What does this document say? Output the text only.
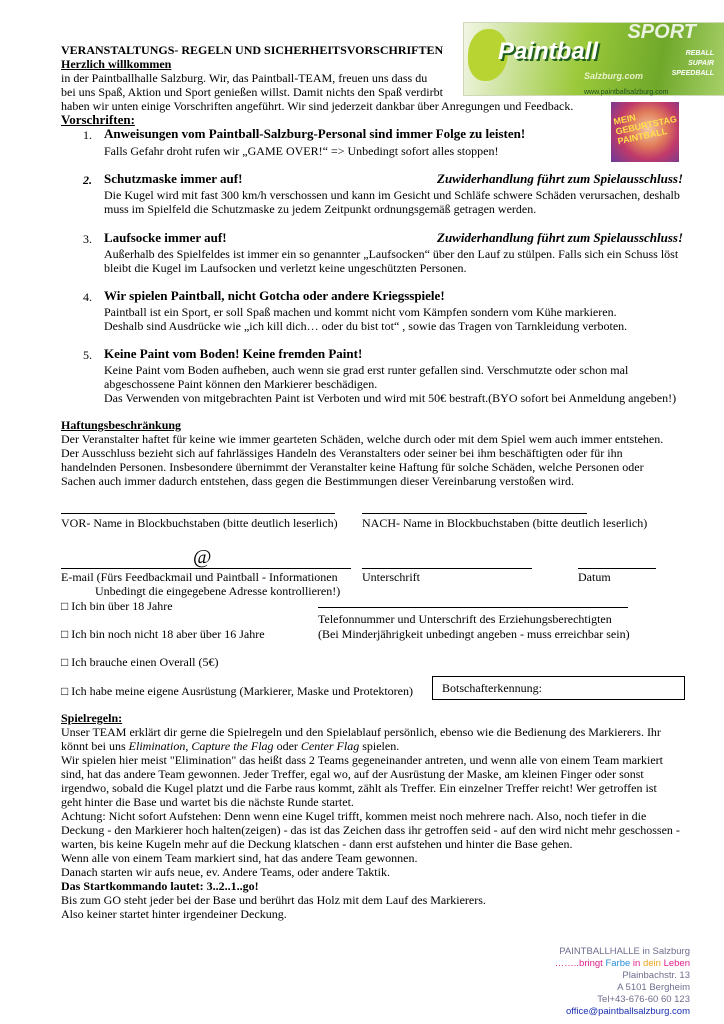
SPORT
Paintball
Salzburg.com
REBALL
SUPAIR
SPEEDBALL
www.paintballsalzburg.com
MEIN GEBURTSTAG PAINTBALL
VERANSTALTUNGS- REGELN UND SICHERHEITSVORSCHRIFTEN
Herzlich willkommen
in der Paintballhalle Salzburg. Wir, das Paintball-TEAM, freuen uns dass du
bei uns Spaß, Aktion und Sport genießen willst. Damit nichts den Spaß verdirbt
haben wir unten einige Vorschriften angeführt. Wir sind jederzeit dankbar über Anregungen und Feedback.
Vorschriften:
1. Anweisungen vom Paintball-Salzburg-Personal sind immer Folge zu leisten!
Falls Gefahr droht rufen wir „GAME OVER!“ => Unbedingt sofort alles stoppen!
2. Schutzmaske immer auf!	Zuwiderhandlung führt zum Spielausschluss!
Die Kugel wird mit fast 300 km/h verschossen und kann im Gesicht und Schläfe schwere Schäden verursachen, deshalb
muss im Spielfeld die Schutzmaske zu jedem Zeitpunkt ordnungsgemäß getragen werden.
3. Laufsocke immer auf!	Zuwiderhandlung führt zum Spielausschluss!
Außerhalb des Spielfeldes ist immer ein so genannter „Laufsocken“ über den Lauf zu stülpen. Falls sich ein Schuss löst
bleibt die Kugel im Laufsocken und verletzt keine ungeschützten Personen.
4. Wir spielen Paintball, nicht Gotcha oder andere Kriegsspiele!
Paintball ist ein Sport, er soll Spaß machen und kommt nicht vom Kämpfen sondern vom Kühe markieren.
Deshalb sind Ausdrücke wie „ich kill dich… oder du bist tot“ , sowie das Tragen von Tarnkleidung verboten.
5. Keine Paint vom Boden! Keine fremden Paint!
Keine Paint vom Boden aufheben, auch wenn sie grad erst runter gefallen sind. Verschmutzte oder schon mal
abgeschossene Paint können den Markierer beschädigen.
Das Verwenden von mitgebrachten Paint ist Verboten und wird mit 50€ bestraft.(BYO sofort bei Anmeldung angeben!)
Haftungsbeschränkung
Der Veranstalter haftet für keine wie immer gearteten Schäden, welche durch oder mit dem Spiel wem auch immer entstehen.
Der Ausschluss bezieht sich auf fahrlässiges Handeln des Veranstalters oder seiner bei ihm beschäftigten oder für ihn
handelnden Personen. Insbesondere übernimmt der Veranstalter keine Haftung für solche Schäden, welche Personen oder
Sachen auch immer dadurch entstehen, dass gegen die Bestimmungen dieser Vereinbarung verstoßen wird.
VOR- Name in Blockbuchstaben (bitte deutlich leserlich) NACH- Name in Blockbuchstaben (bitte deutlich leserlich)
@
E-mail (Fürs Feedbackmail und Paintball - Informationen
Unbedingt die eingegebene Adresse kontrollieren!)
Unterschrift	Datum
□ Ich bin über 18 Jahre
Telefonnummer und Unterschrift des Erziehungsberechtigten
□ Ich bin noch nicht 18 aber über 16 Jahre	(Bei Minderjährigkeit unbedingt angeben - muss erreichbar sein)
□ Ich brauche einen Overall (5€)
□ Ich habe meine eigene Ausrüstung (Markierer, Maske und Protektoren) Botschafterkennung:
Spielregeln:
Unser TEAM erklärt dir gerne die Spielregeln und den Spielablauf persönlich, ebenso wie die Bedienung des Markierers. Ihr
könnt bei uns Elimination, Capture the Flag oder Center Flag spielen.
Wir spielen hier meist "Elimination" das heißt dass 2 Teams gegeneinander antreten, und wenn alle von einem Team markiert
sind, hat das andere Team gewonnen. Jeder Treffer, egal wo, auf der Ausrüstung der Maske, am kleinen Finger oder sonst
irgendwo, sobald die Kugel platzt und die Farbe raus kommt, zählt als Treffer. Ein einzelner Treffer reicht! Wer getroffen ist
geht hinter die Base und wartet bis die nächste Runde startet.
Achtung: Nicht sofort Aufstehen: Denn wenn eine Kugel trifft, kommen meist noch mehrere nach. Also, noch tiefer in die
Deckung - den Markierer hoch halten(zeigen) - das ist das Zeichen dass ihr getroffen seid - auf den wird nicht mehr geschossen -
warten, bis keine Kugeln mehr auf die Deckung klatschen - dann erst aufstehen und hinter die Base gehen.
Wenn alle von einem Team markiert sind, hat das andere Team gewonnen.
Danach starten wir aufs neue, ev. Andere Teams, oder andere Taktik.
Das Startkommando lautet: 3..2..1..go!
Bis zum GO steht jeder bei der Base und berührt das Holz mit dem Lauf des Markierers.
Also keiner startet hinter irgendeiner Deckung.
PAINTBALLHALLE in Salzburg
……..bringt Farbe in dein Leben
Plainbachstr. 13
A 5101 Bergheim
Tel+43-676-60 60 123
office@paintballsalzburg.com
